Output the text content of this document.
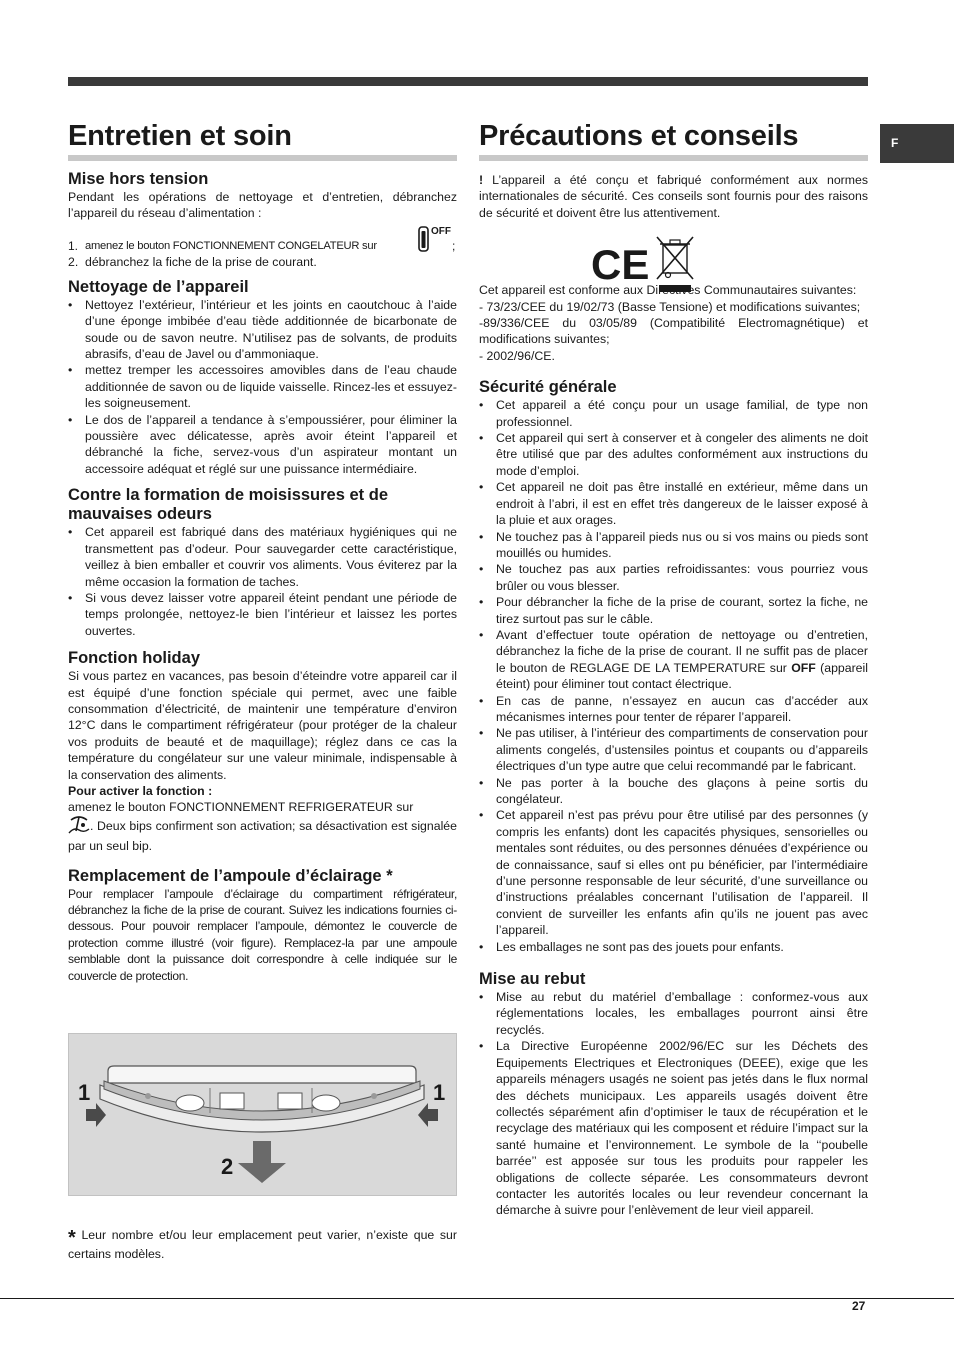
F
Entretien et soin
Mise hors tension

Pendant les opérations de nettoyage et d’entretien, débranchez l’appareil du réseau d’alimentation :

1. amenez le bouton FONCTIONNEMENT CONGELATEUR sur
OFF
;
2. débranchez la fiche de la prise de courant.
Nettoyage de l’appareil
• Nettoyez l’extérieur, l’intérieur et les joints en caoutchouc à l’aide d’une éponge imbibée d’eau tiède additionnée de bicarbonate de soude ou de savon neutre. N’utilisez pas de solvants, de produits abrasifs, d’eau de Javel ou d’ammoniaque.
• mettez tremper les accessoires amovibles dans de l’eau chaude additionnée de savon ou de liquide vaisselle. Rincez-les et essuyez-les soigneusement.
• Le dos de l’appareil a tendance à s’empoussiérer, pour éliminer la poussière avec délicatesse, après avoir éteint l’appareil et débranché la fiche, servez-vous d’un aspirateur montant un accessoire adéquat et réglé sur une puissance intermédiaire.
Contre la formation de moisissures et de mauvaises odeurs
• Cet appareil est fabriqué dans des matériaux hygiéniques qui ne transmettent pas d’odeur. Pour sauvegarder cette caractéristique, veillez à bien emballer et couvrir vos aliments. Vous éviterez par la même occasion la formation de taches.
• Si vous devez laisser votre appareil éteint pendant une période de temps prolongée, nettoyez-le bien l’intérieur et laissez les portes ouvertes.
Fonction holiday

Si vous partez en vacances, pas besoin d’éteindre votre appareil car il est équipé d’une fonction spéciale qui permet, avec une faible consommation d’électricité, de maintenir une température d’environ 12°C dans le compartiment réfrigérateur (pour protéger de la chaleur vos produits de beauté et de maquillage); réglez dans ce cas la température du congélateur sur une valeur minimale, indispensable à la conservation des aliments.

Pour activer la fonction :

amenez le bouton FONCTIONNEMENT REFRIGERATEUR sur
. Deux bips confirment son activation; sa désactivation est signalée par un seul bip.

Remplacement de l’ampoule d’éclairage *

Pour remplacer l’ampoule d’éclairage du compartiment réfrigérateur, débranchez la fiche de la prise de courant. Suivez les indications fournies ci-dessous. Pour pouvoir remplacer l’ampoule, démontez le couvercle de protection comme illustré (voir figure). Remplacez-la par une ampoule semblable dont la puissance doit correspondre à celle indiquée sur le couvercle de protection.

1	1
2

* Leur nombre et/ou leur emplacement peut varier, n’existe que sur certains modèles.

Précautions et conseils

! L’appareil a été conçu et fabriqué conformément aux normes internationales de sécurité. Ces conseils sont fournis pour des raisons de sécurité et doivent être lus attentivement.

CE

Cet appareil est conforme aux Directives Communautaires suivantes:

- 73/23/CEE du 19/02/73 (Basse Tensione) et modifications suivantes;

-89/336/CEE du 03/05/89 (Compatibilité Electromagnétique) et modifications suivantes;

- 2002/96/CE.

Sécurité générale
• Cet appareil a été conçu pour un usage familial, de type non professionnel.
• Cet appareil qui sert à conserver et à congeler des aliments ne doit être utilisé que par des adultes conformément aux instructions du mode d’emploi.
• Cet appareil ne doit pas être installé en extérieur, même dans un endroit à l’abri, il est en effet très dangereux de le laisser exposé à la pluie et aux orages.
• Ne touchez pas à l’appareil pieds nus ou si vos mains ou pieds sont mouillés ou humides.
• Ne touchez pas aux parties refroidissantes: vous pourriez vous brûler ou vous blesser.
• Pour débrancher la fiche de la prise de courant, sortez la fiche, ne tirez surtout pas sur le câble.
• Avant d’effectuer toute opération de nettoyage ou d’entretien, débranchez la fiche de la prise de courant. Il ne suffit pas de placer le bouton de REGLAGE DE LA TEMPERATURE sur OFF (appareil éteint) pour éliminer tout contact électrique.
• En cas de panne, n’essayez en aucun cas d’accéder aux mécanismes internes pour tenter de réparer l’appareil.
• Ne pas utiliser, à l’intérieur des compartiments de conservation pour aliments congelés, d’ustensiles pointus et coupants ou d’appareils électriques d’un type autre que celui recommandé par le fabricant.
• Ne pas porter à la bouche des glaçons à peine sortis du congélateur.
• Cet appareil n’est pas prévu pour être utilisé par des personnes (y compris les enfants) dont les capacités physiques, sensorielles ou mentales sont réduites, ou des personnes dénuées d’expérience ou de connaissance, sauf si elles ont pu bénéficier, par l’intermédiaire d’une personne responsable de leur sécurité, d’une surveillance ou d’instructions préalables concernant l’utilisation de l’appareil. Il convient de surveiller les enfants afin qu’ils ne jouent pas avec l’appareil.
• Les emballages ne sont pas des jouets pour enfants.
Mise au rebut
• Mise au rebut du matériel d’emballage : conformez-vous aux réglementations locales, les emballages pourront ainsi être recyclés.
• La Directive Européenne 2002/96/EC sur les Déchets des Equipements Electriques et Electroniques (DEEE), exige que les appareils ménagers usagés ne soient pas jetés dans le flux normal des déchets municipaux. Les appareils usagés doivent être collectés séparément afin d’optimiser le taux de récupération et le recyclage des matériaux qui les composent et réduire l’impact sur la santé humaine et l’environnement. Le symbole de la ‘‘poubelle barrée’’ est apposée sur tous les produits pour rappeler les obligations de collecte séparée. Les consommateurs devront contacter les autorités locales ou leur revendeur concernant la démarche à suivre pour l’enlèvement de leur vieil appareil.
27
